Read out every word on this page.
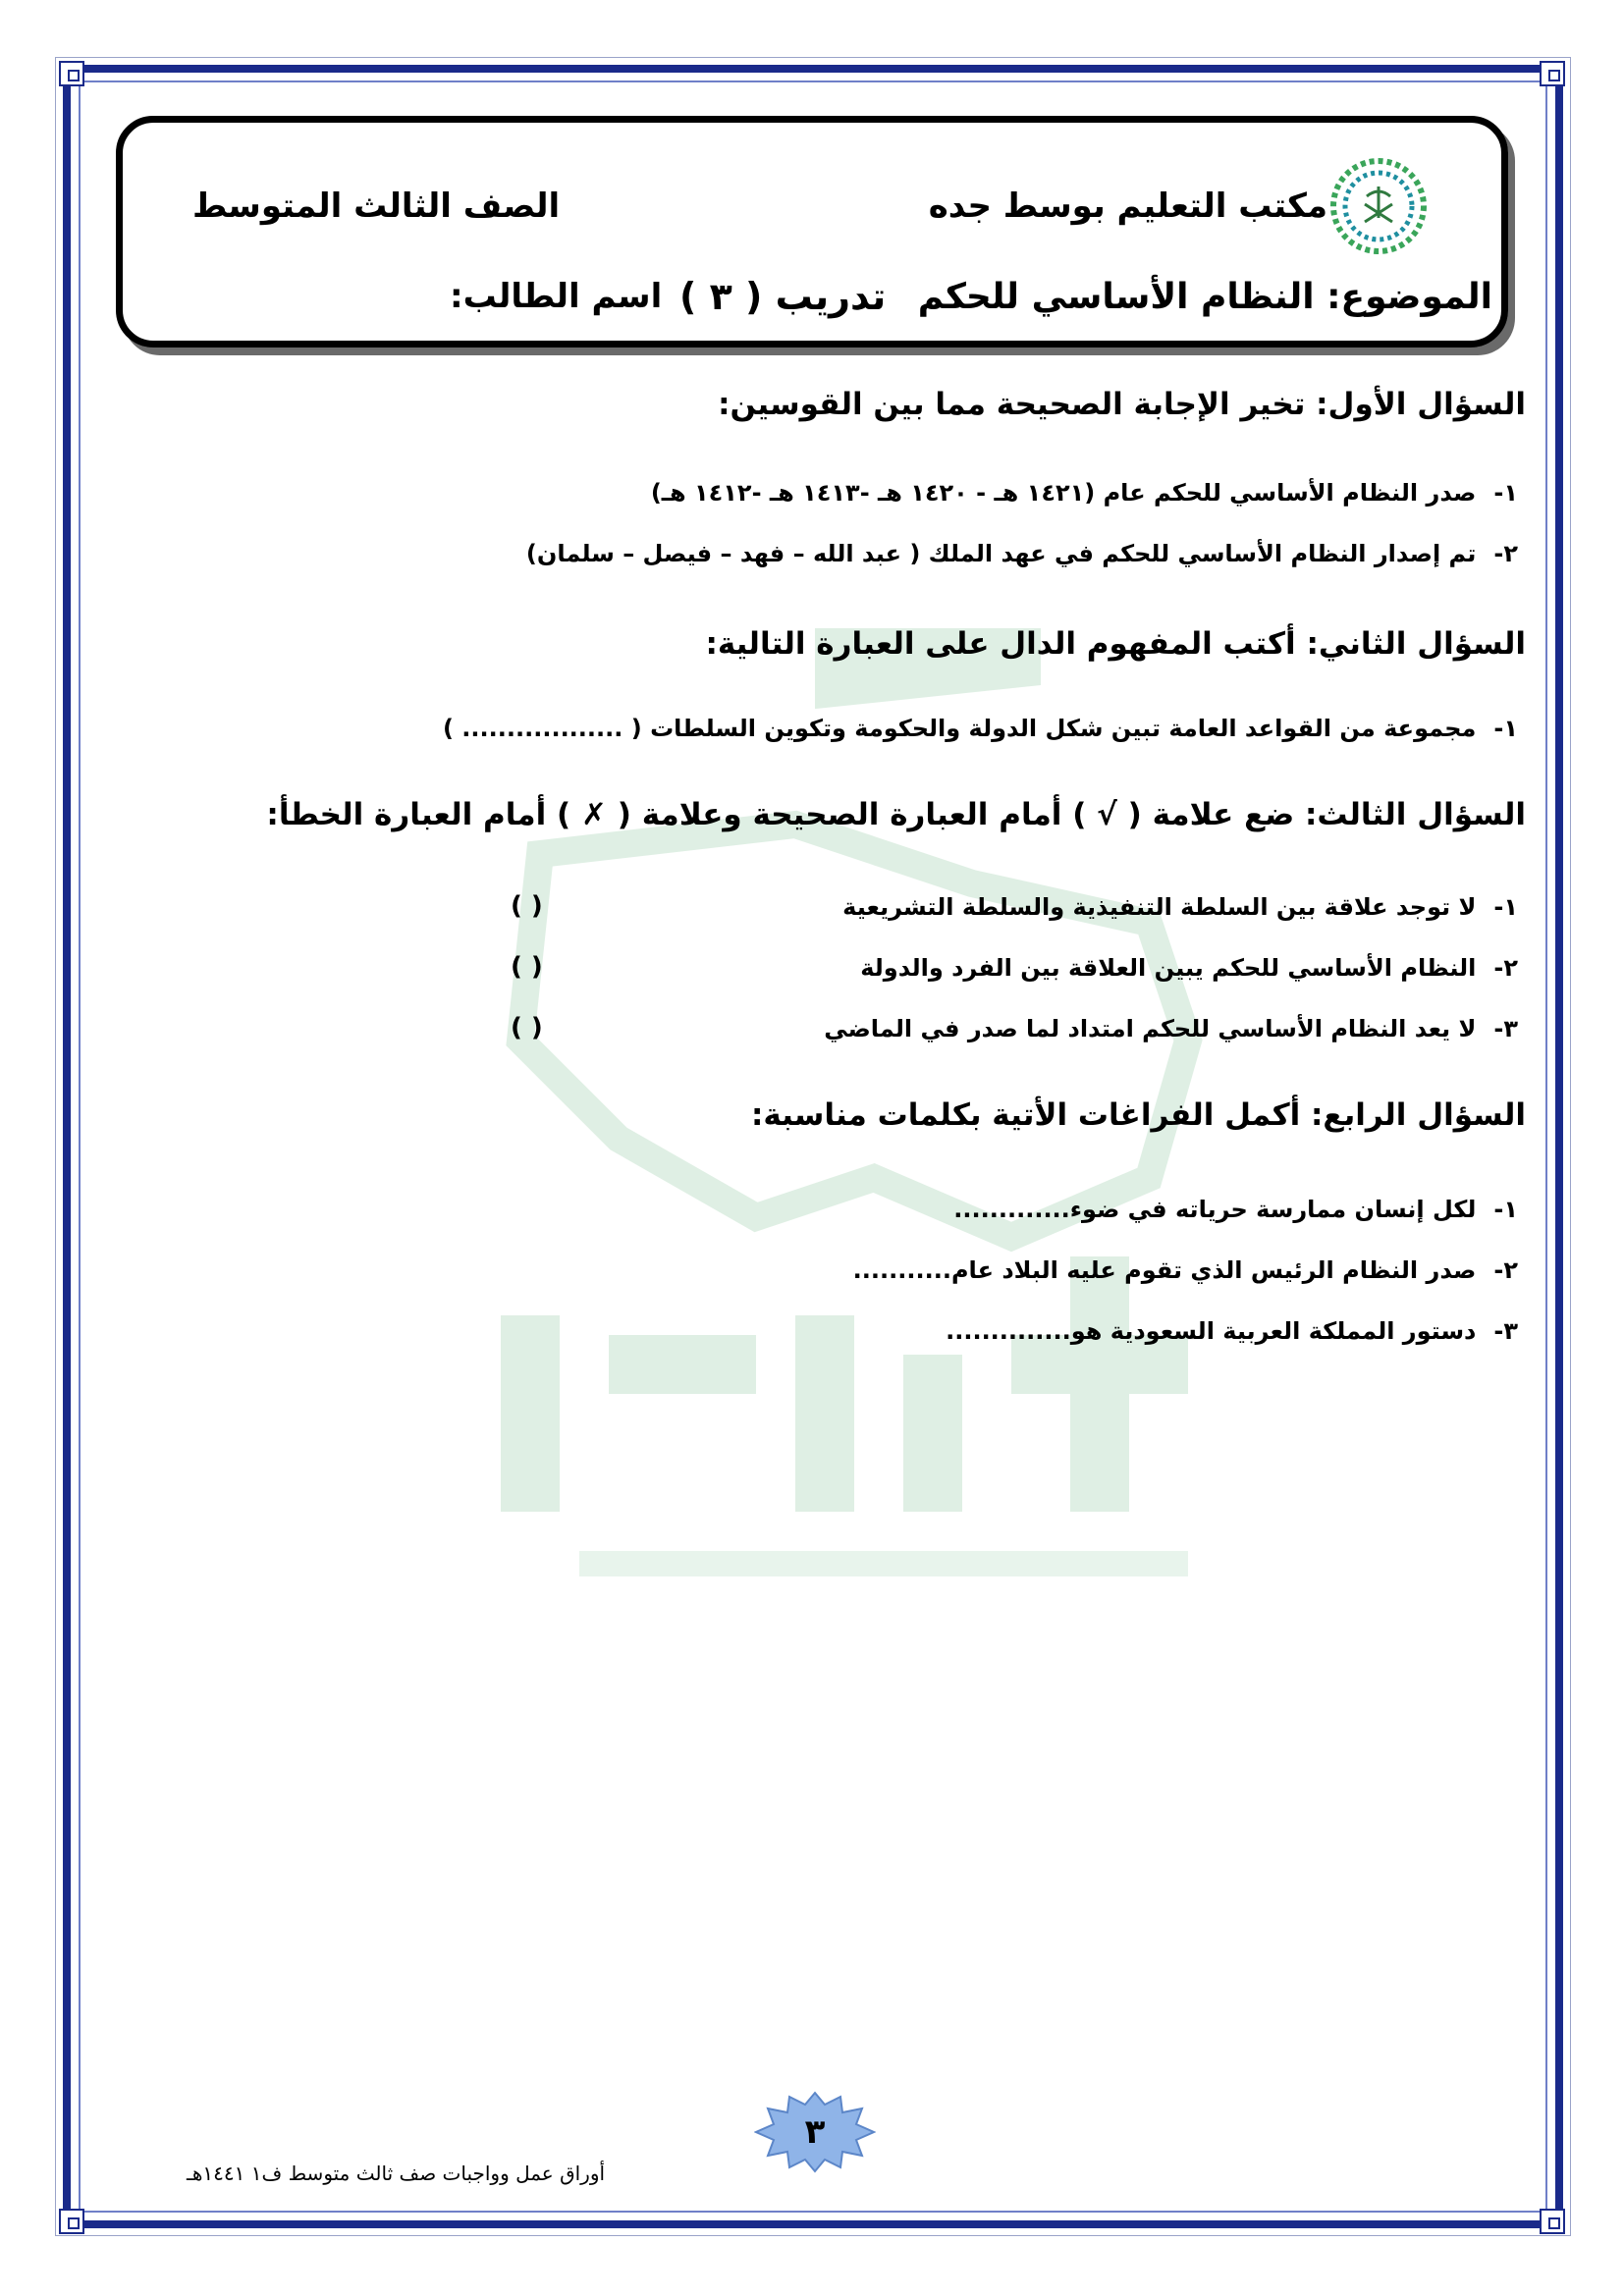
مكتب التعليم بوسط جده
الصف الثالث المتوسط
الموضوع: النظام الأساسي للحكم
تدريب ( ٣ )
اسم الطالب:
السؤال الأول: تخير الإجابة الصحيحة مما بين القوسين:
١-صدر النظام الأساسي للحكم عام (١٤٢١ هـ - ١٤٢٠ هـ -١٤١٣ هـ -١٤١٢ هـ)
٢-تم إصدار النظام الأساسي للحكم في عهد الملك ( عبد الله – فهد – فيصل – سلمان)
السؤال الثاني: أكتب المفهوم الدال على العبارة التالية:
١-مجموعة من القواعد العامة تبين شكل الدولة والحكومة وتكوين السلطات ( .................. )
السؤال الثالث: ضع علامة ( √ ) أمام العبارة الصحيحة وعلامة ( ✗ ) أمام العبارة الخطأ:
١-لا توجد علاقة بين السلطة التنفيذية والسلطة التشريعية
( )
٢-النظام الأساسي للحكم يبين العلاقة بين الفرد والدولة
( )
٣-لا يعد النظام الأساسي للحكم امتداد لما صدر في الماضي
( )
السؤال الرابع: أكمل الفراغات الأتية بكلمات مناسبة:
١-لكل إنسان ممارسة حرياته في ضوء.............
٢-صدر النظام الرئيس الذي تقوم عليه البلاد عام...........
٣-دستور المملكة العربية السعودية هو..............
٣
أوراق عمل وواجبات صف ثالث متوسط ف١ ١٤٤١هـ
